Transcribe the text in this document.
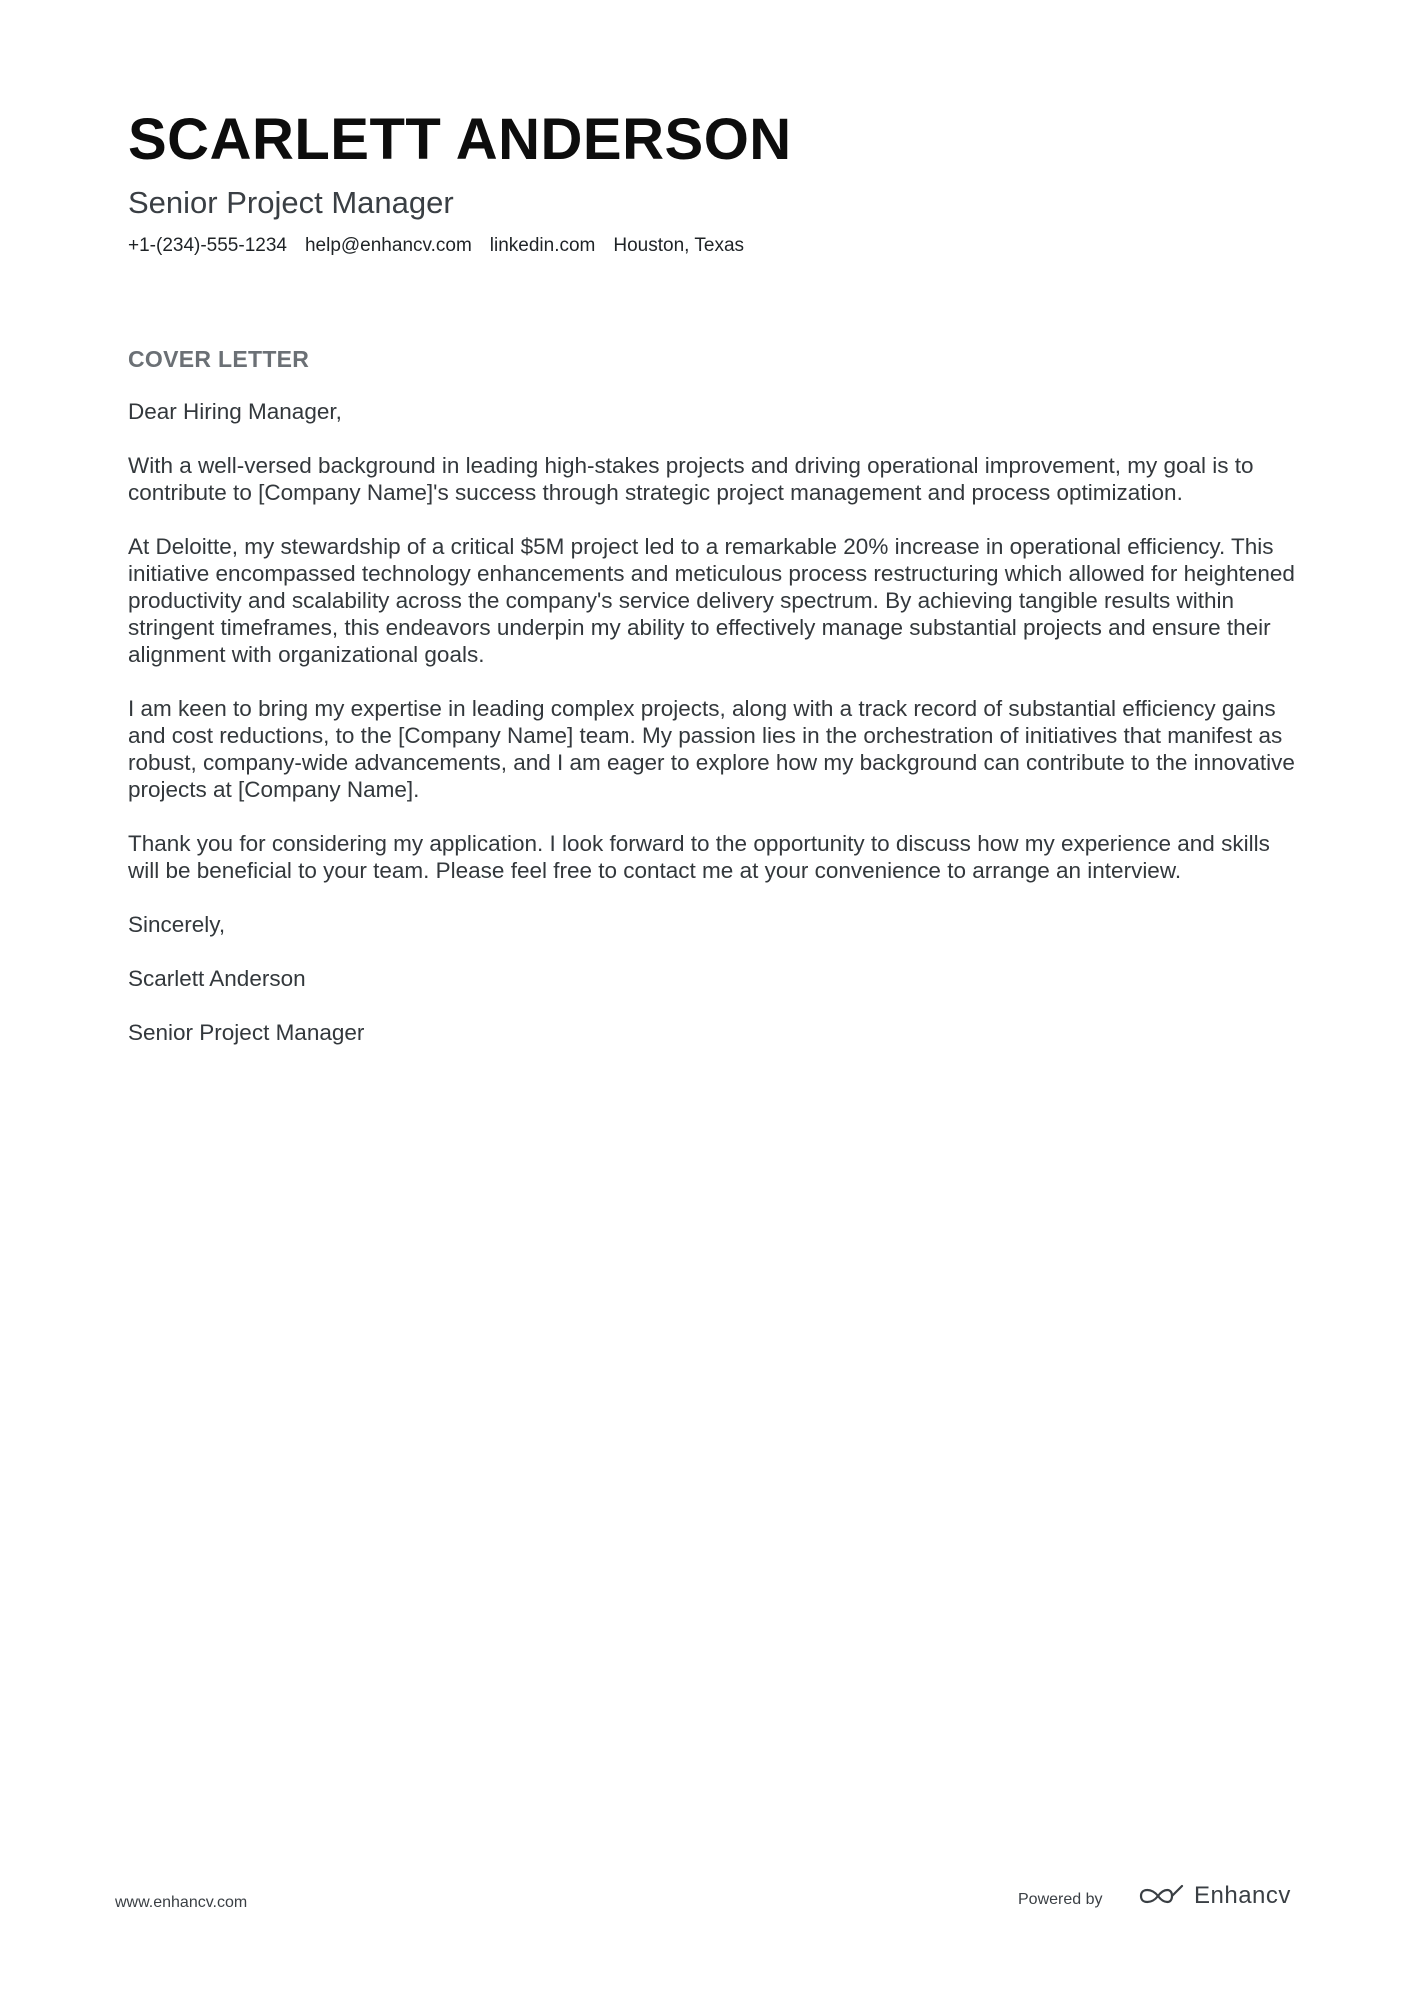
SCARLETT ANDERSON
Senior Project Manager
+1-(234)-555-1234 help@enhancv.com linkedin.com Houston, Texas
COVER LETTER

Dear Hiring Manager,

With a well-versed background in leading high-stakes projects and driving operational improvement, my goal is to contribute to [Company Name]'s success through strategic project management and process optimization.

At Deloitte, my stewardship of a critical $5M project led to a remarkable 20% increase in operational efficiency. This initiative encompassed technology enhancements and meticulous process restructuring which allowed for heightened productivity and scalability across the company's service delivery spectrum. By achieving tangible results within stringent timeframes, this endeavors underpin my ability to effectively manage substantial projects and ensure their alignment with organizational goals.

I am keen to bring my expertise in leading complex projects, along with a track record of substantial efficiency gains and cost reductions, to the [Company Name] team. My passion lies in the orchestration of initiatives that manifest as robust, company-wide advancements, and I am eager to explore how my background can contribute to the innovative projects at [Company Name].

Thank you for considering my application. I look forward to the opportunity to discuss how my experience and skills will be beneficial to your team. Please feel free to contact me at your convenience to arrange an interview.

Sincerely,

Scarlett Anderson

Senior Project Manager

www.enhancv.com	Powered by	Enhancv
